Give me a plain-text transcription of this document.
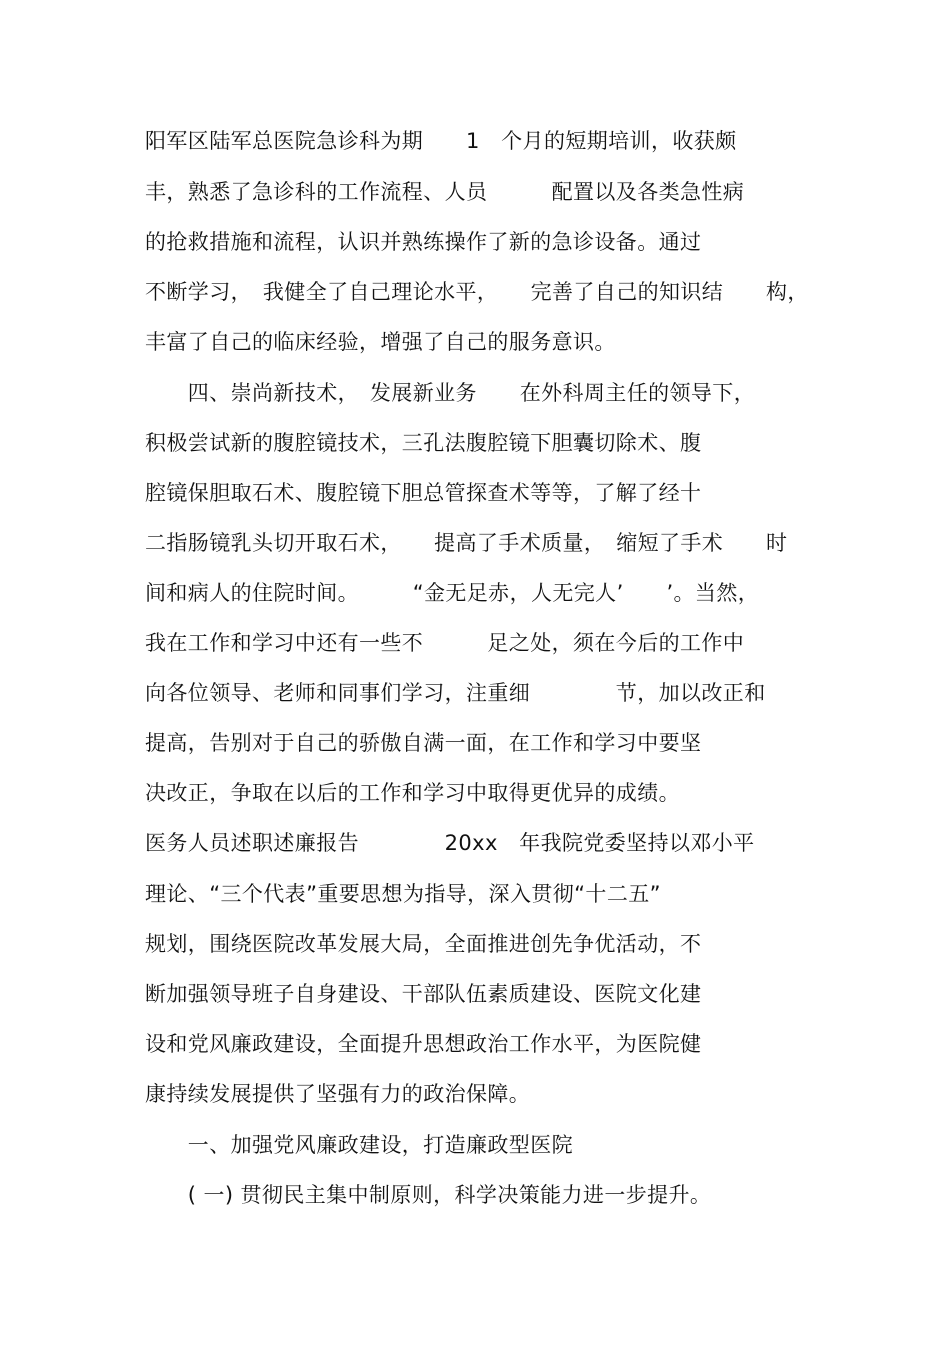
阳军区陆军总医院急诊科为期　　1　个月的短期培训，收获颇

丰，熟悉了急诊科的工作流程、人员　　　配置以及各类急性病

的抢救措施和流程，认识并熟练操作了新的急诊设备。通过

不断学习，　我健全了自己理论水平，　　完善了自己的知识结　　构，

丰富了自己的临床经验，增强了自己的服务意识。

　　四、崇尚新技术，　发展新业务　　在外科周主任的领导下，

积极尝试新的腹腔镜技术，三孔法腹腔镜下胆囊切除术、腹

腔镜保胆取石术、腹腔镜下胆总管探查术等等，了解了经十

二指肠镜乳头切开取石术，　　提高了手术质量，　缩短了手术　　时

间和病人的住院时间。　　　“金无足赤，人无完人’　　’。当然，

我在工作和学习中还有一些不　　　足之处，须在今后的工作中

向各位领导、老师和同事们学习，注重细　　　　节，加以改正和

提高，告别对于自己的骄傲自满一面，在工作和学习中要坚

决改正，争取在以后的工作和学习中取得更优异的成绩。

医务人员述职述廉报告　　　　20xx　年我院党委坚持以邓小平

理论、“三个代表”重要思想为指导，深入贯彻“十二五”

规划，围绕医院改革发展大局，全面推进创先争优活动，不

断加强领导班子自身建设、干部队伍素质建设、医院文化建

设和党风廉政建设，全面提升思想政治工作水平，为医院健

康持续发展提供了坚强有力的政治保障。

　　一、加强党风廉政建设，打造廉政型医院

　　( 一) 贯彻民主集中制原则，科学决策能力进一步提升。
